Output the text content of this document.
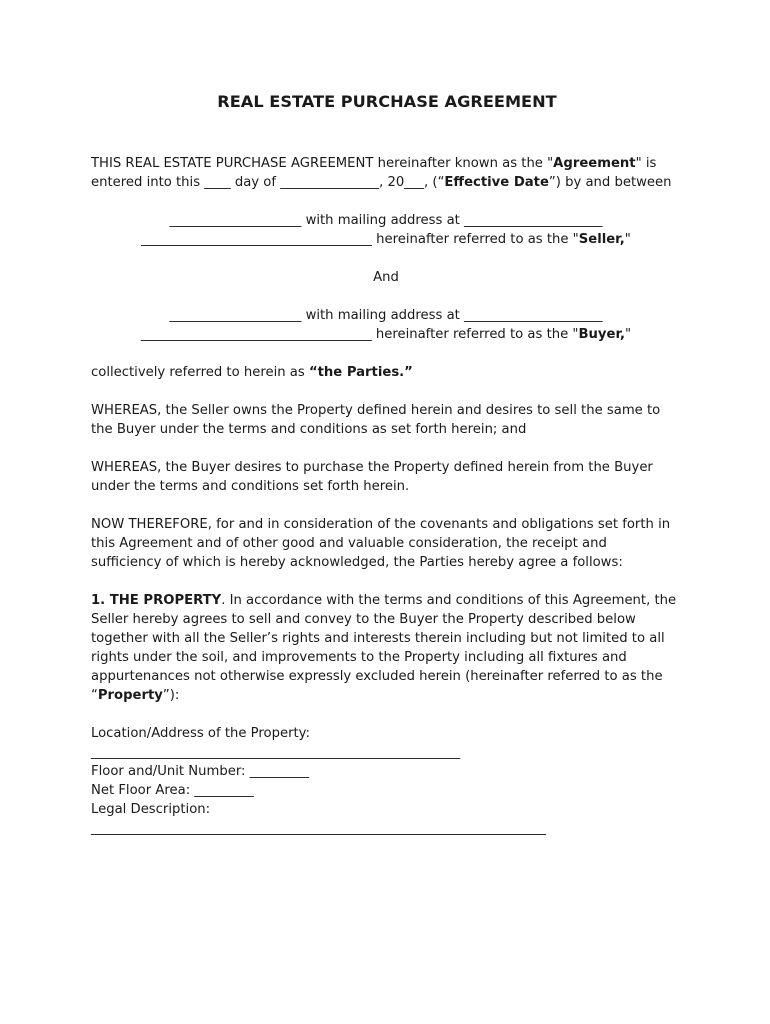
REAL ESTATE PURCHASE AGREEMENT

THIS REAL ESTATE PURCHASE AGREEMENT hereinafter known as the "Agreement" is entered into this ____ day of _______________, 20___, (“Effective Date”) by and between

____________________ with mailing address at _____________________

___________________________________ hereinafter referred to as the "Seller,"

And

____________________ with mailing address at _____________________

___________________________________ hereinafter referred to as the "Buyer,"

collectively referred to herein as “the Parties.”

WHEREAS, the Seller owns the Property defined herein and desires to sell the same to the Buyer under the terms and conditions as set forth herein; and

WHEREAS, the Buyer desires to purchase the Property defined herein from the Buyer under the terms and conditions set forth herein.

NOW THEREFORE, for and in consideration of the covenants and obligations set forth in this Agreement and of other good and valuable consideration, the receipt and sufficiency of which is hereby acknowledged, the Parties hereby agree a follows:

1. THE PROPERTY. In accordance with the terms and conditions of this Agreement, the Seller hereby agrees to sell and convey to the Buyer the Property described below together with all the Seller’s rights and interests therein including but not limited to all rights under the soil, and improvements to the Property including all fixtures and appurtenances not otherwise expressly excluded herein (hereinafter referred to as the “Property”):

Location/Address of the Property:

________________________________________________________

Floor and/Unit Number: _________

Net Floor Area: _________

Legal Description:

_____________________________________________________________________
